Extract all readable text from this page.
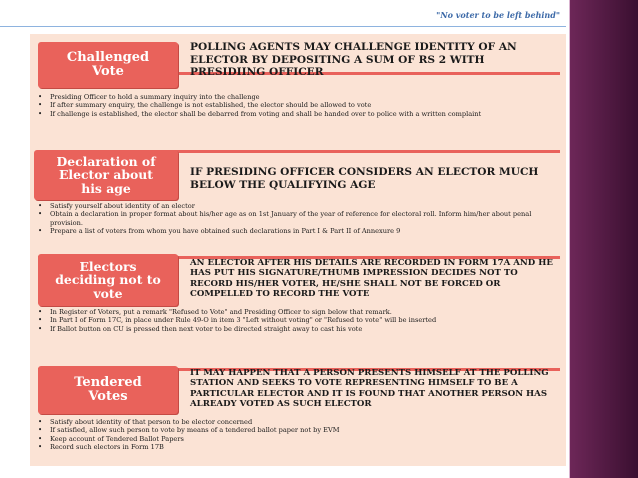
"No voter to be left behind"
Challenged
Vote
POLLING AGENTS MAY CHALLENGE IDENTITY OF AN ELECTOR BY DEPOSITING A SUM OF RS 2 WITH PRESIDIING OFFICER
• Presiding Officer to hold a summary inquiry into the challenge
• If after summary enquiry, the challenge is not established, the elector should be allowed to vote
• If challenge is established, the elector shall be debarred from voting and shall be handed over to police with a written complaint
Declaration of
Elector about
his age
IF PRESIDING OFFICER CONSIDERS AN ELECTOR MUCH BELOW THE QUALIFYING AGE
• Satisfy yourself about identity of an elector
• Obtain a declaration in proper format about his/her age as on 1st January of the year of reference for electoral roll. Inform him/her about penal provision.
• Prepare a list of voters from whom you have obtained such declarations in Part I & Part II of Annexure 9
Electors
deciding not to
vote
AN ELECTOR AFTER HIS DETAILS ARE RECORDED IN FORM 17A AND HE HAS PUT HIS SIGNATURE/THUMB IMPRESSION DECIDES NOT TO RECORD HIS/HER VOTER, HE/SHE SHALL NOT BE FORCED OR COMPELLED TO RECORD THE VOTE
• In Register of Voters, put a remark "Refused to Vote" and Presiding Officer to sign below that remark.
• In Part I of Form 17C, in place under Rule 49-O in item 3 "Left without voting" or "Refused to vote" will be inserted
• If Ballot button on CU is pressed then next voter to be directed straight away to cast his vote
Tendered
Votes
IT MAY HAPPEN THAT A PERSON PRESENTS HIMSELF AT THE POLLING STATION AND SEEKS TO VOTE REPRESENTING HIMSELF TO BE A PARTICULAR ELECTOR AND IT IS FOUND THAT ANOTHER PERSON HAS ALREADY VOTED AS SUCH ELECTOR
• Satisfy about identity of that person to be elector concerned
• If satisfied, allow such person to vote by means of a tendered ballot paper not by EVM
• Keep account of Tendered Ballot Papers
• Record such electors in Form 17B
